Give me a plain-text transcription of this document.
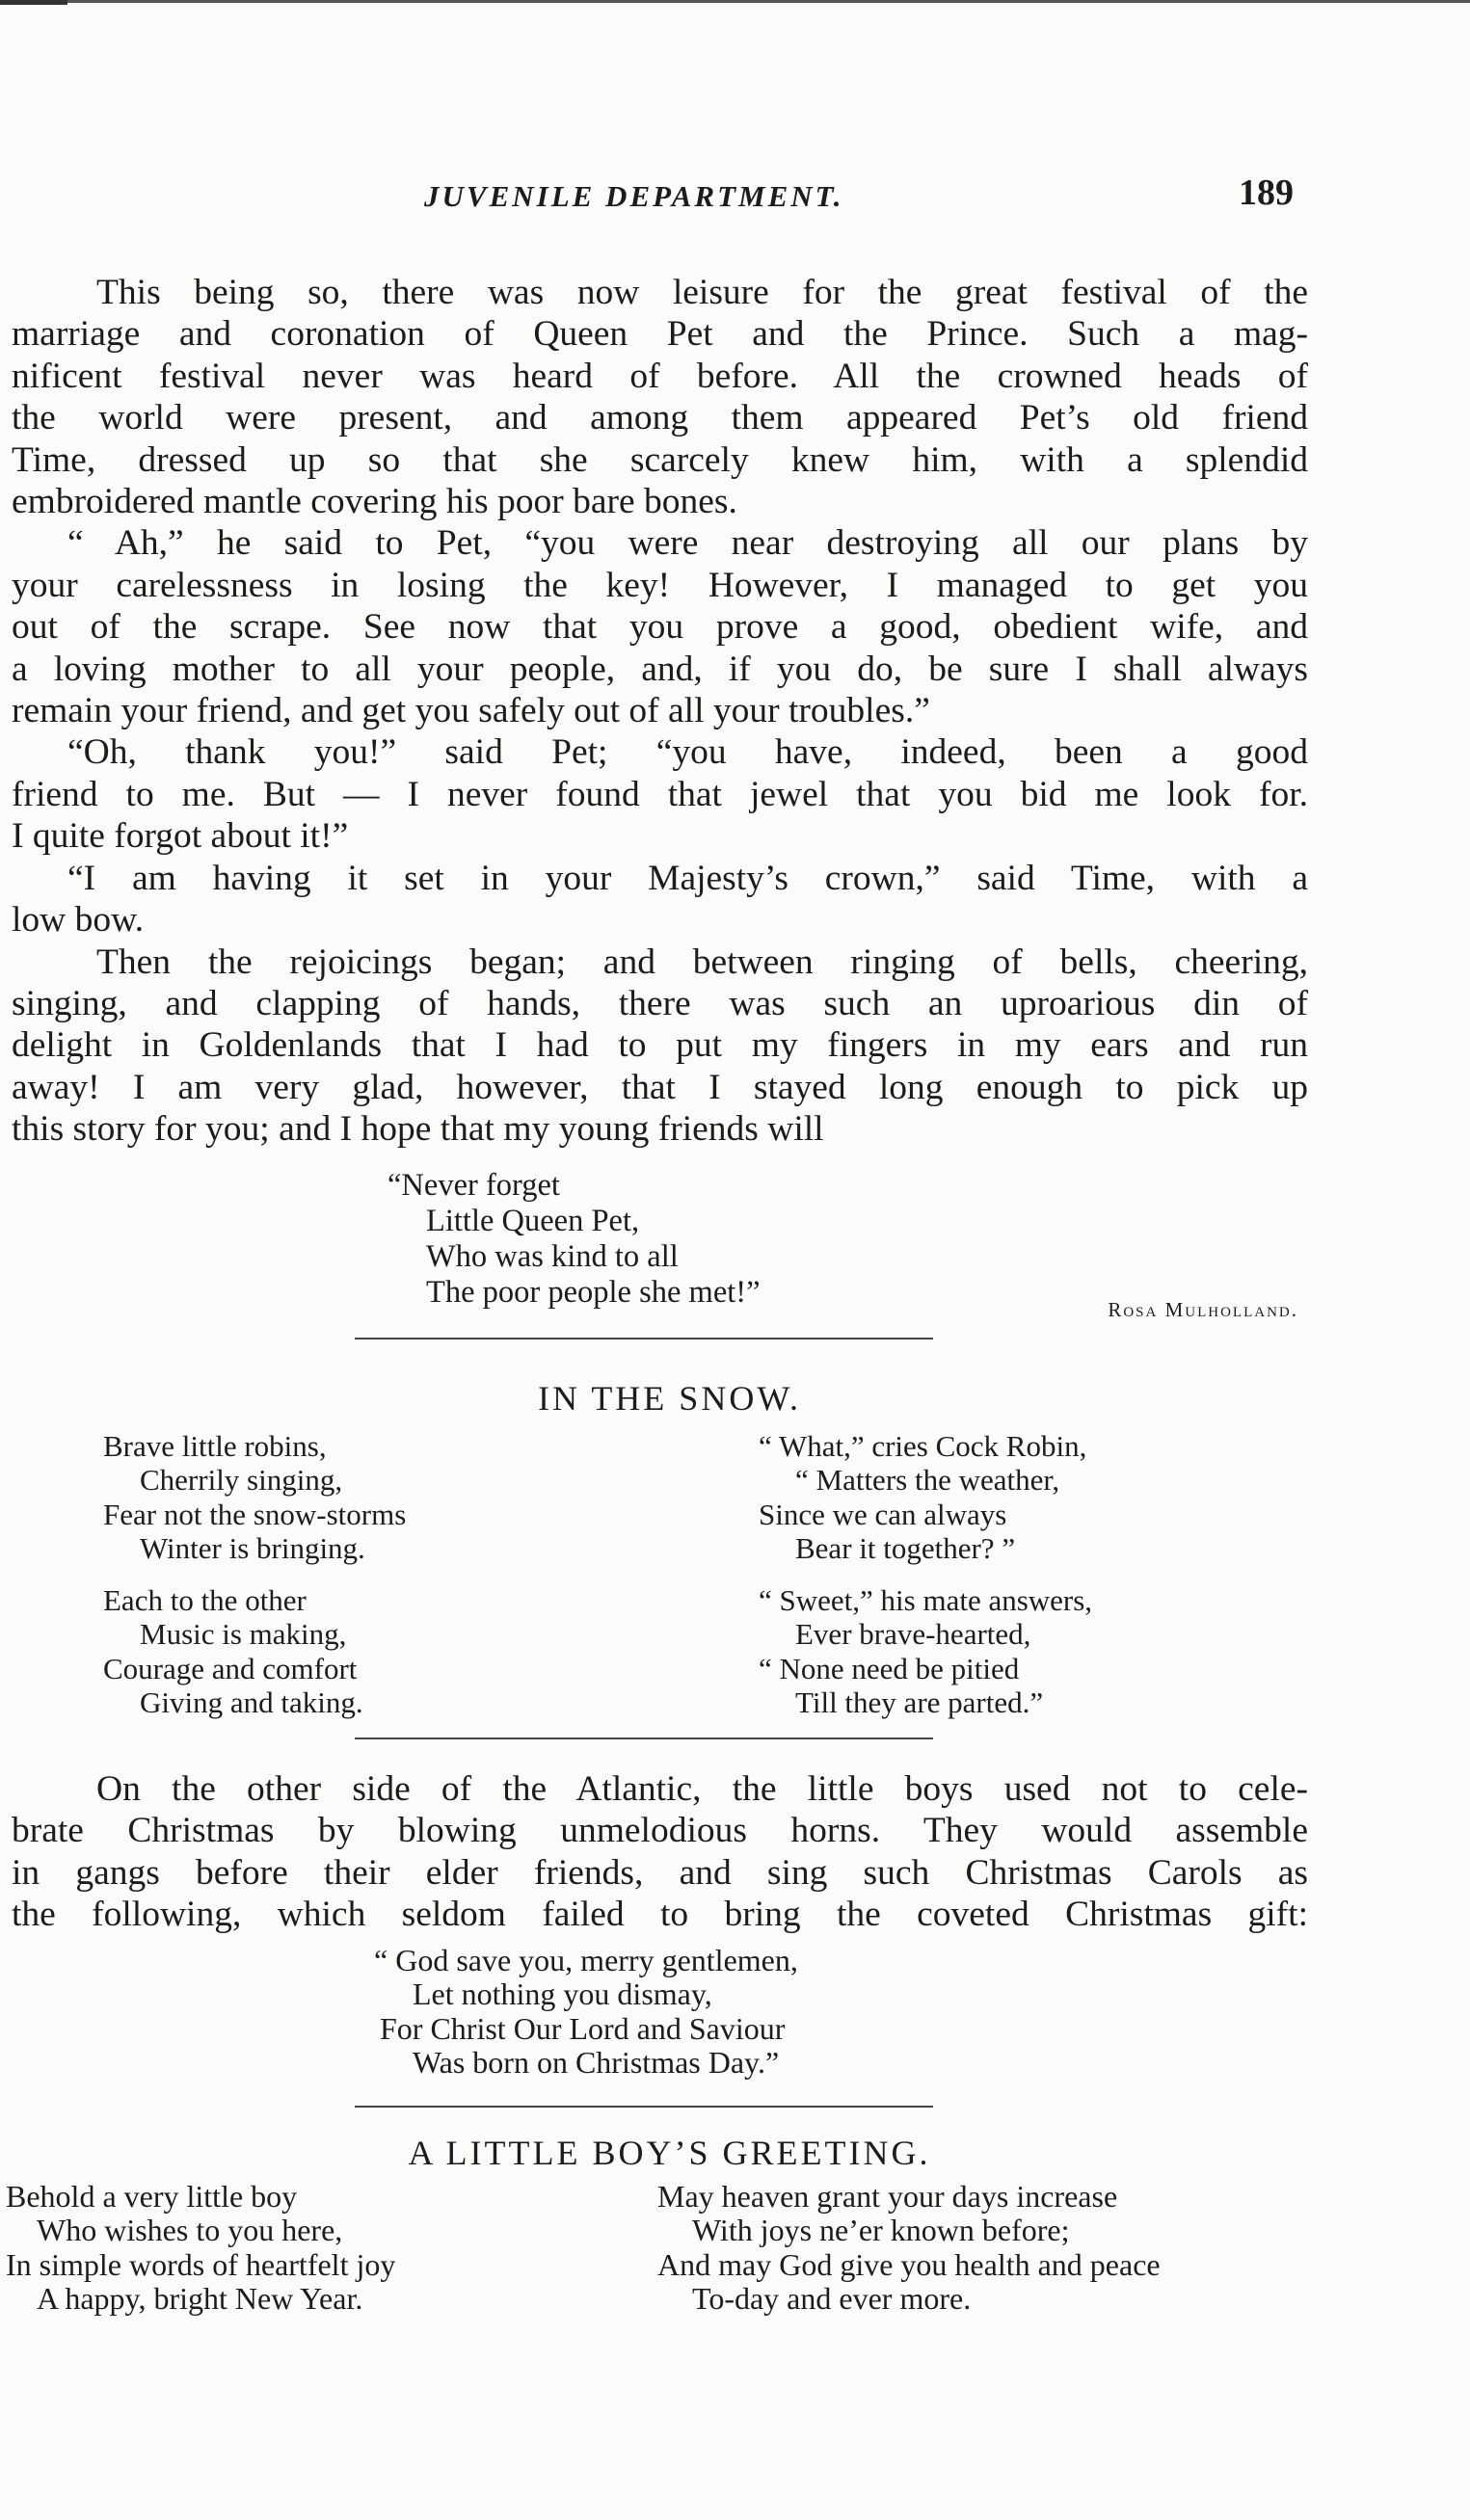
JUVENILE DEPARTMENT.	189
This being so, there was now leisure for the great festival of the
marriage and coronation of Queen Pet and the Prince. Such a mag-
nificent festival never was heard of before. All the crowned heads of
the world were present, and among them appeared Pet’s old friend
Time, dressed up so that she scarcely knew him, with a splendid
embroidered mantle covering his poor bare bones.
“ Ah,” he said to Pet, “you were near destroying all our plans by
your carelessness in losing the key! However, I managed to get you
out of the scrape. See now that you prove a good, obedient wife, and
a loving mother to all your people, and, if you do, be sure I shall always
remain your friend, and get you safely out of all your troubles.”
“Oh, thank you!” said Pet; “you have, indeed, been a good
friend to me. But — I never found that jewel that you bid me look for.
I quite forgot about it!”
“I am having it set in your Majesty’s crown,” said Time, with a
low bow.
Then the rejoicings began; and between ringing of bells, cheering,
singing, and clapping of hands, there was such an uproarious din of
delight in Goldenlands that I had to put my fingers in my ears and run
away! I am very glad, however, that I stayed long enough to pick up
this story for you; and I hope that my young friends will
“Never forget
Little Queen Pet,
Who was kind to all
The poor people she met!”	Rosa Mulholland.
IN THE SNOW.
Brave little robins,
Cherrily singing,
Fear not the snow-storms
Winter is bringing.
Each to the other
Music is making,
Courage and comfort
Giving and taking.
“ What,” cries Cock Robin,
“ Matters the weather,
Since we can always
Bear it together? ”
“ Sweet,” his mate answers,
Ever brave-hearted,
“ None need be pitied
Till they are parted.”
On the other side of the Atlantic, the little boys used not to cele-
brate Christmas by blowing unmelodious horns. They would assemble
in gangs before their elder friends, and sing such Christmas Carols as
the following, which seldom failed to bring the coveted Christmas gift:
“ God save you, merry gentlemen,
Let nothing you dismay,
For Christ Our Lord and Saviour
Was born on Christmas Day.”
A LITTLE BOY’S GREETING.
Behold a very little boy
Who wishes to you here,
In simple words of heartfelt joy
A happy, bright New Year.
May heaven grant your days increase
With joys ne’er known before;
And may God give you health and peace
To-day and ever more.
